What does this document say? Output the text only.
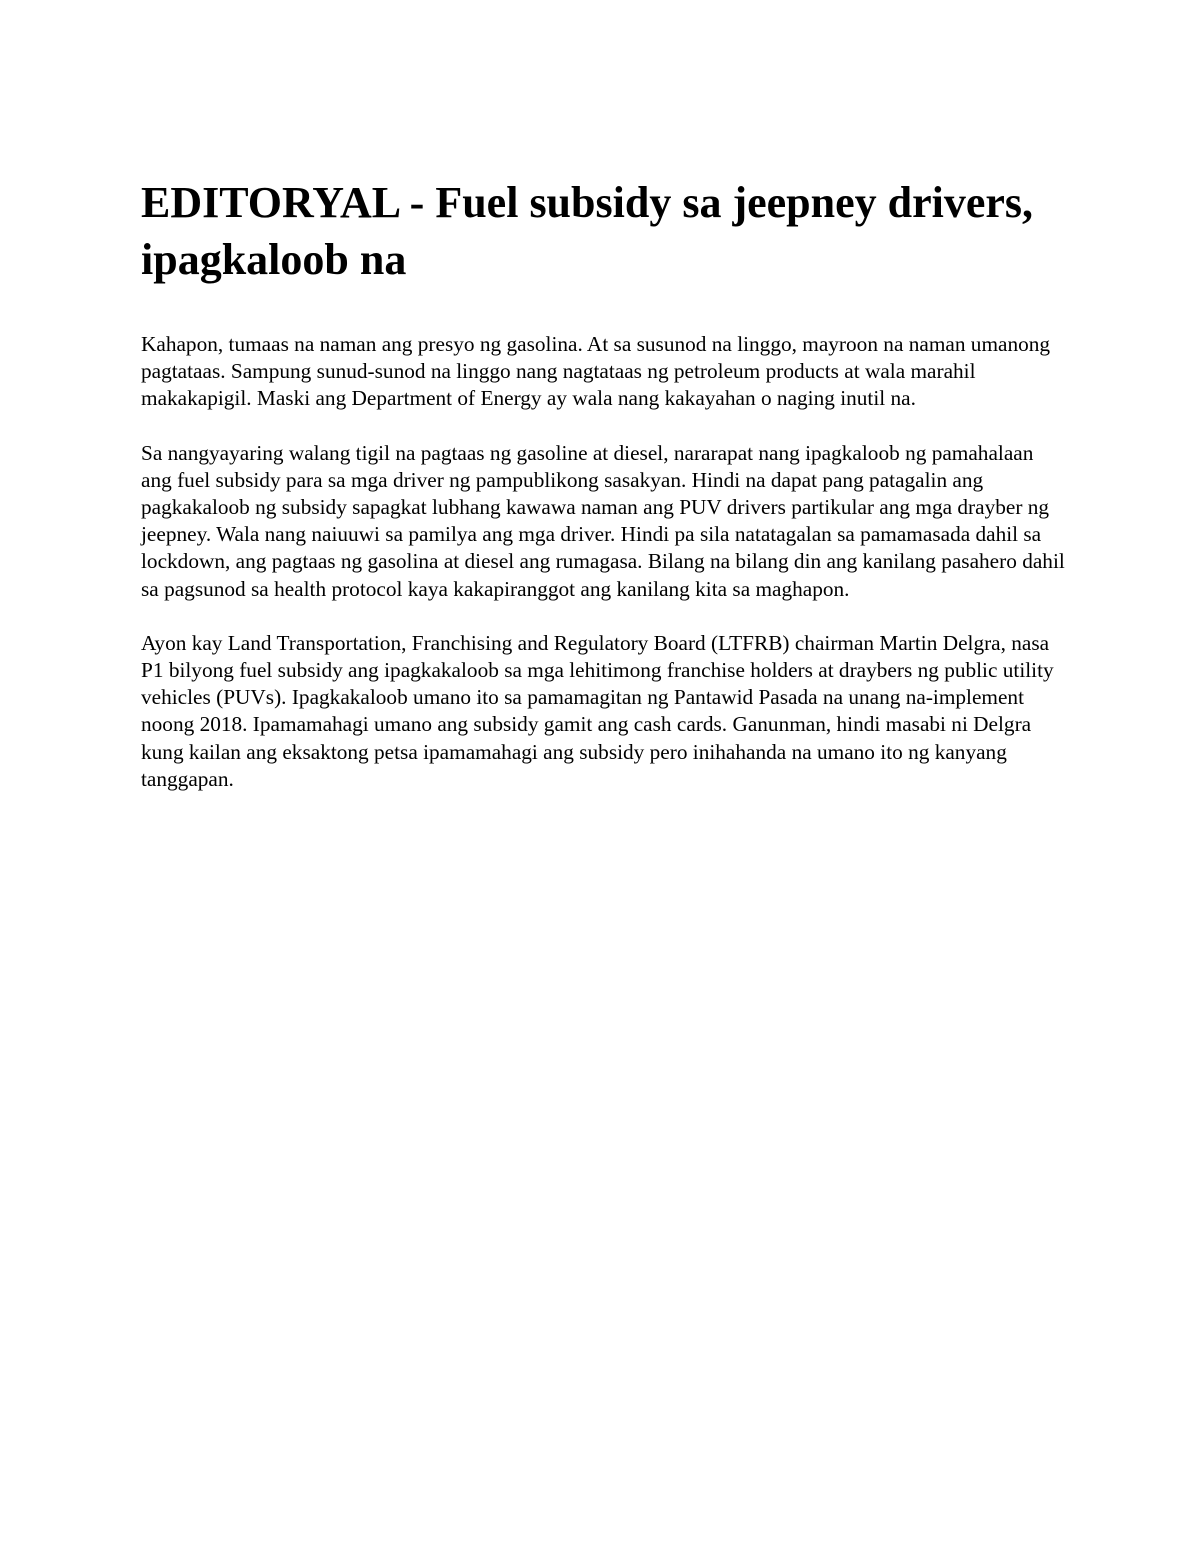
EDITORYAL - Fuel subsidy sa jeepney drivers, ipagkaloob na

Kahapon, tumaas na naman ang presyo ng gasolina. At sa susunod na linggo, mayroon na naman umanong pagtataas. Sampung sunud-sunod na linggo nang nagtataas ng petroleum products at wala marahil makakapigil. Maski ang Department of Energy ay wala nang kakayahan o naging inutil na.

Sa nangyayaring walang tigil na pagtaas ng gasoline at diesel, nararapat nang ipagkaloob ng pamahalaan ang fuel subsidy para sa mga driver ng pampublikong sasakyan. Hindi na dapat pang patagalin ang pagkakaloob ng subsidy sapagkat lubhang kawawa naman ang PUV drivers partikular ang mga drayber ng jeepney. Wala nang naiuuwi sa pamilya ang mga driver. Hindi pa sila natatagalan sa pamamasada dahil sa lockdown, ang pagtaas ng gasolina at diesel ang rumagasa. Bilang na bilang din ang kanilang pasahero dahil sa pagsunod sa health protocol kaya kakapiranggot ang kanilang kita sa maghapon.

Ayon kay Land Transportation, Franchising and Regulatory Board (LTFRB) chairman Martin Delgra, nasa P1 bilyong fuel subsidy ang ipagkakaloob sa mga lehitimong franchise holders at draybers ng public utility vehicles (PUVs). Ipagkakaloob umano ito sa pamamagitan ng Pantawid Pasada na unang na-implement noong 2018. Ipamamahagi umano ang subsidy gamit ang cash cards. Ganunman, hindi masabi ni Delgra kung kailan ang eksaktong petsa ipamamahagi ang subsidy pero inihahanda na umano ito ng kanyang tanggapan.
